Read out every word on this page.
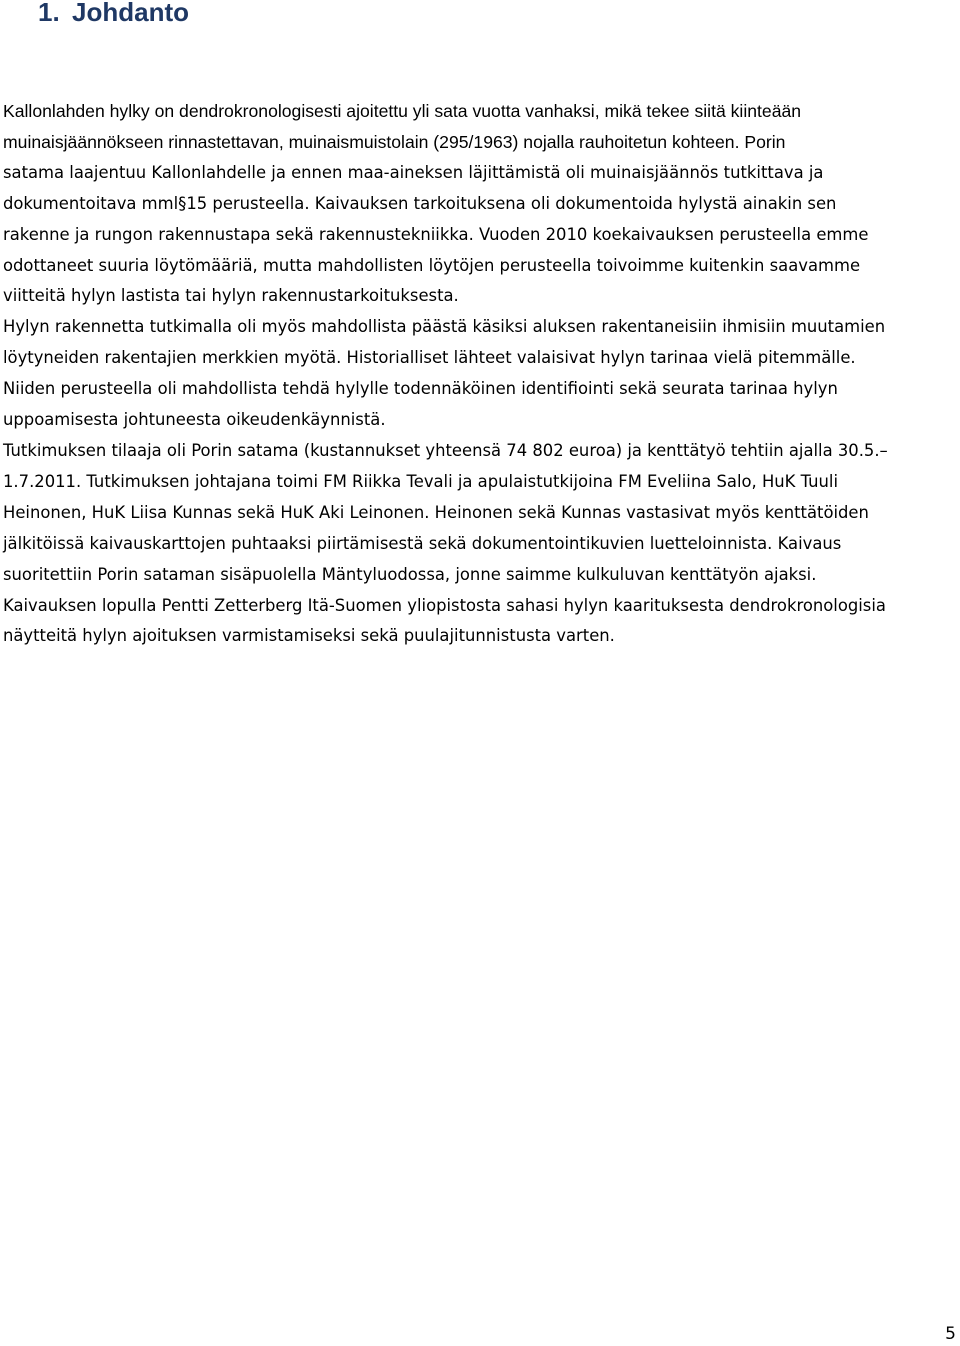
1. Johdanto

Kallonlahden hylky on dendrokronologisesti ajoitettu yli sata vuotta vanhaksi, mikä tekee siitä kiinteään

muinaisjäännökseen rinnastettavan, muinaismuistolain (295/1963) nojalla rauhoitetun kohteen. Porin

satama laajentuu Kallonlahdelle ja ennen maa-aineksen läjittämistä oli muinaisjäännös tutkittava ja

dokumentoitava mml§15 perusteella. Kaivauksen tarkoituksena oli dokumentoida hylystä ainakin sen

rakenne ja rungon rakennustapa sekä rakennustekniikka. Vuoden 2010 koekaivauksen perusteella emme

odottaneet suuria löytömääriä, mutta mahdollisten löytöjen perusteella toivoimme kuitenkin saavamme

viitteitä hylyn lastista tai hylyn rakennustarkoituksesta.

Hylyn rakennetta tutkimalla oli myös mahdollista päästä käsiksi aluksen rakentaneisiin ihmisiin muutamien

löytyneiden rakentajien merkkien myötä. Historialliset lähteet valaisivat hylyn tarinaa vielä pitemmälle.

Niiden perusteella oli mahdollista tehdä hylylle todennäköinen identifiointi sekä seurata tarinaa hylyn

uppoamisesta johtuneesta oikeudenkäynnistä.

Tutkimuksen tilaaja oli Porin satama (kustannukset yhteensä 74 802 euroa) ja kenttätyö tehtiin ajalla 30.5.–

1.7.2011. Tutkimuksen johtajana toimi FM Riikka Tevali ja apulaistutkijoina FM Eveliina Salo, HuK Tuuli

Heinonen, HuK Liisa Kunnas sekä HuK Aki Leinonen. Heinonen sekä Kunnas vastasivat myös kenttätöiden

jälkitöissä kaivauskarttojen puhtaaksi piirtämisestä sekä dokumentointikuvien luetteloinnista. Kaivaus

suoritettiin Porin sataman sisäpuolella Mäntyluodossa, jonne saimme kulkuluvan kenttätyön ajaksi.

Kaivauksen lopulla Pentti Zetterberg Itä-Suomen yliopistosta sahasi hylyn kaarituksesta dendrokronologisia

näytteitä hylyn ajoituksen varmistamiseksi sekä puulajitunnistusta varten.

5
